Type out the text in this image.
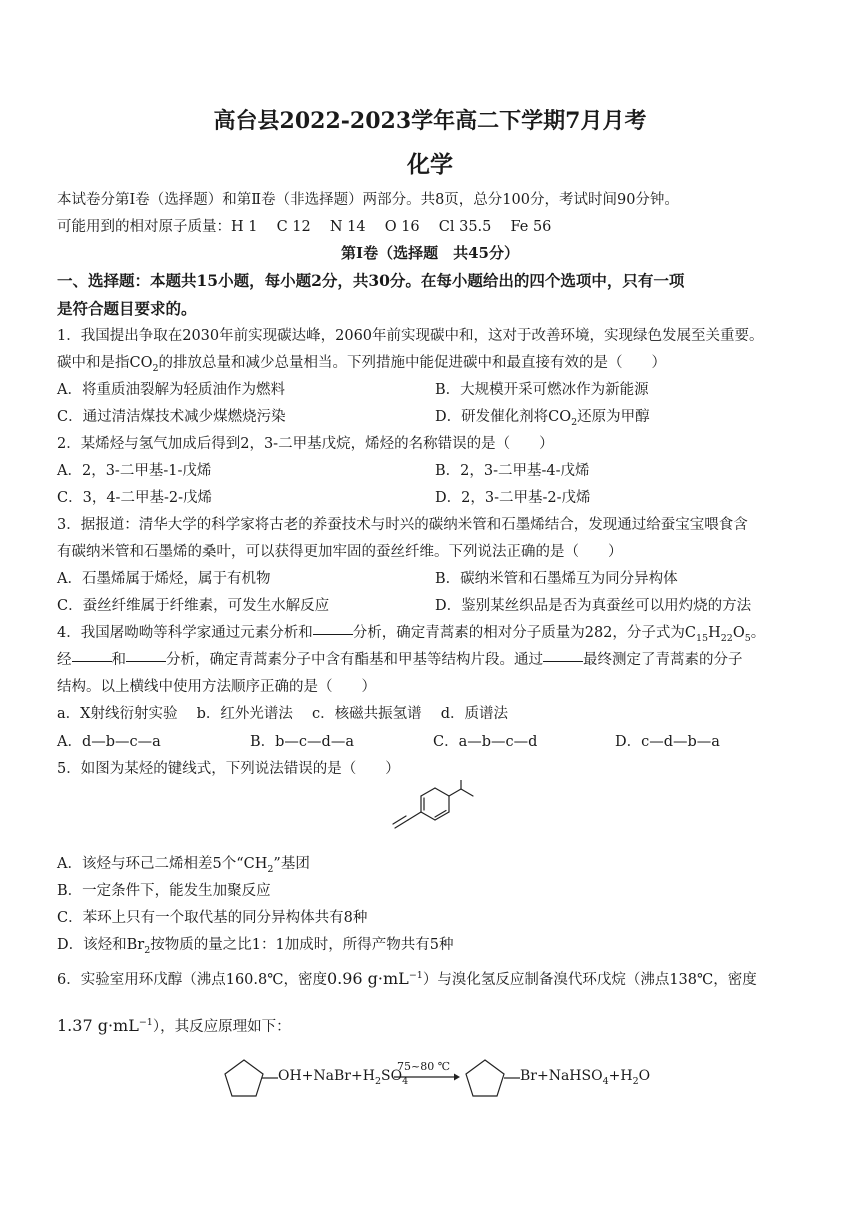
高台县2022-2023学年高二下学期7月月考
化学
本试卷分第Ⅰ卷（选择题）和第Ⅱ卷（非选择题）两部分。共8页，总分100分，考试时间90分钟。
可能用到的相对原子质量：H 1　 C 12　 N 14　 O 16　 Cl 35.5　 Fe 56
第Ⅰ卷（选择题　共45分）
一、选择题：本题共15小题，每小题2分，共30分。在每小题给出的四个选项中，只有一项
是符合题目要求的。
1．我国提出争取在2030年前实现碳达峰，2060年前实现碳中和，这对于改善环境，实现绿色发展至关重要。
碳中和是指$CO_2$的排放总量和减少总量相当。下列措施中能促进碳中和最直接有效的是（　　）
A．将重质油裂解为轻质油作为燃料	B．大规模开采可燃冰作为新能源
C．通过清洁煤技术减少煤燃烧污染	D．研发催化剂将$CO_2$还原为甲醇
2．某烯烃与氢气加成后得到2，3-二甲基戊烷，烯烃的名称错误的是（　　）
A．2，3-二甲基-1-戊烯	B．2，3-二甲基-4-戊烯
C．3，4-二甲基-2-戊烯	D．2，3-二甲基-2-戊烯
3．据报道：清华大学的科学家将古老的养蚕技术与时兴的碳纳米管和石墨烯结合，发现通过给蚕宝宝喂食含
有碳纳米管和石墨烯的桑叶，可以获得更加牢固的蚕丝纤维。下列说法正确的是（　　）
A．石墨烯属于烯烃，属于有机物	B．碳纳米管和石墨烯互为同分异构体
C．蚕丝纤维属于纤维素，可发生水解反应	D．鉴别某丝织品是否为真蚕丝可以用灼烧的方法
4．我国屠呦呦等科学家通过元素分析和	分析，确定青蒿素的相对分子质量为282，分子式为$C_{15}H_{22}O_5$。
经	和	分析，确定青蒿素分子中含有酯基和甲基等结构片段。通过	最终测定了青蒿素的分子
结构。以上横线中使用方法顺序正确的是（　　）
a．X射线衍射实验　 b．红外光谱法　 c．核磁共振氢谱　 d．质谱法
A．d—b—c—a	B．b—c—d—a	C．a—b—c—d	D．c—d—b—a
5．如图为某烃的键线式，下列说法错误的是（　　）
A．该烃与环己二烯相差5个“$CH_2$”基团
B．一定条件下，能发生加聚反应
C．苯环上只有一个取代基的同分异构体共有8种
D．该烃和$Br_2$按物质的量之比1：1加成时，所得产物共有5种
6．实验室用环戊醇（沸点160.8℃，密度0.96 $g\cdot mL^{-1}$）与溴化氢反应制备溴代环戊烷（沸点138℃，密度
1.37 $g\cdot mL^{-1}$），其反应原理如下：
$OH+NaBr+H_2SO_4$
75~80 ℃
$Br+NaHSO_4+H_2O$
